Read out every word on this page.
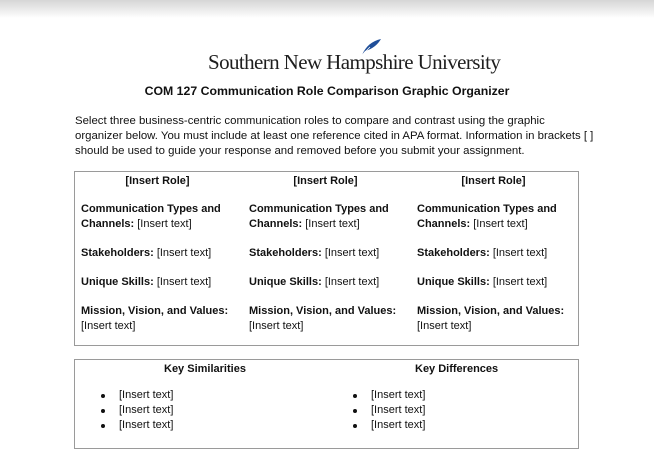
Southern New Hampshire University
COM 127 Communication Role Comparison Graphic Organizer
Select three business-centric communication roles to compare and contrast using the graphic organizer below. You must include at least one reference cited in APA format. Information in brackets [ ] should be used to guide your response and removed before you submit your assignment.
[Insert Role]
Communication Types and Channels: [Insert text]
Stakeholders: [Insert text]
Unique Skills: [Insert text]
Mission, Vision, and Values:
[Insert text]
[Insert Role]
Communication Types and Channels: [Insert text]
Stakeholders: [Insert text]
Unique Skills: [Insert text]
Mission, Vision, and Values:
[Insert text]
[Insert Role]
Communication Types and Channels: [Insert text]
Stakeholders: [Insert text]
Unique Skills: [Insert text]
Mission, Vision, and Values:
[Insert text]
Key Similarities
[Insert text]
[Insert text]
[Insert text]
Key Differences
[Insert text]
[Insert text]
[Insert text]
